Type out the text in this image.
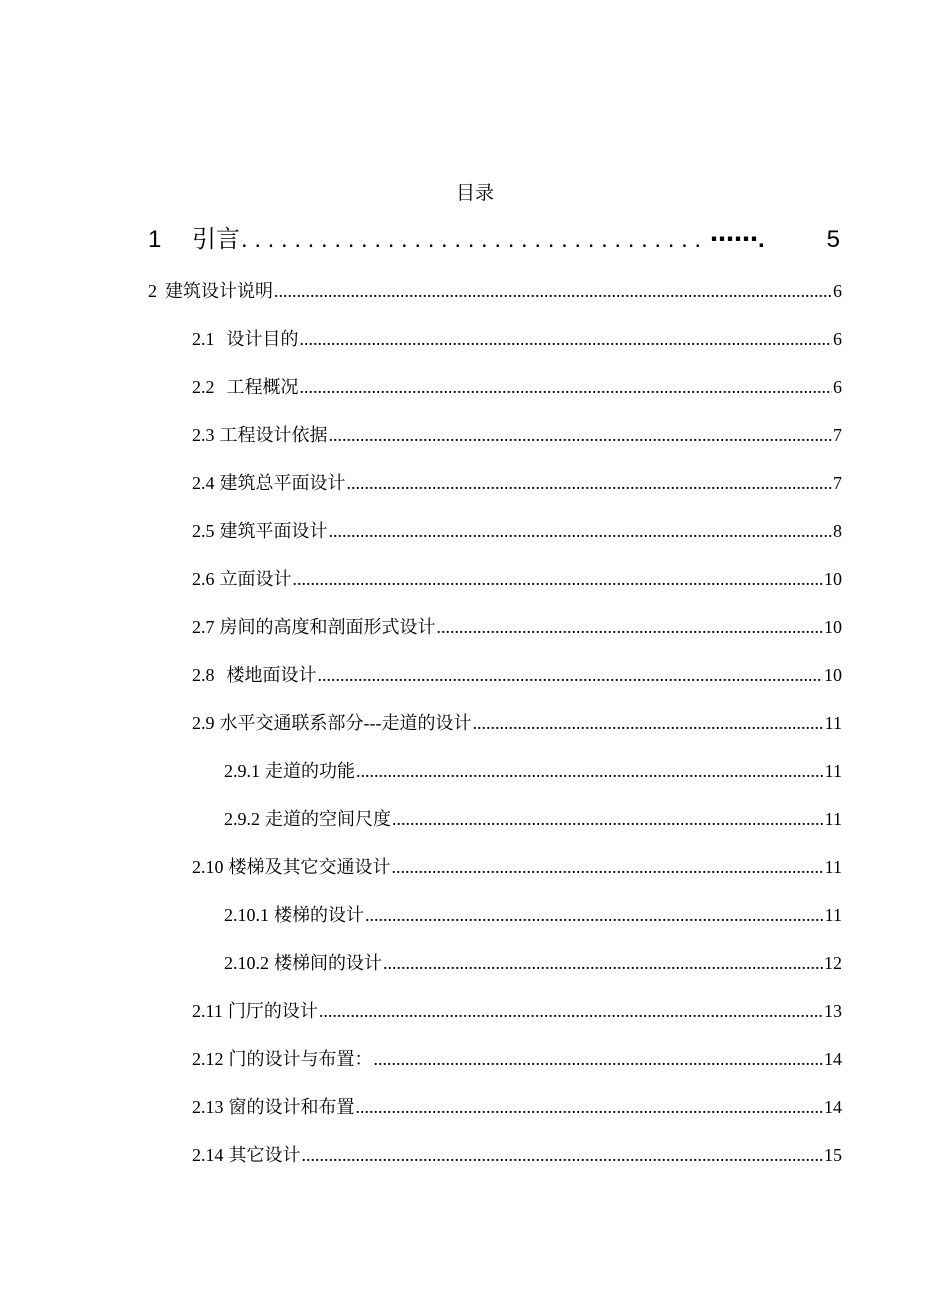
目录
1	引言 . . .	⋯⋯.	5
2 建筑设计说明 .....	6
2.1 设计目的 .....	6
2.2 工程概况 .....	6
2.3 工程设计依据 .....	7
2.4 建筑总平面设计 .....	7
2.5 建筑平面设计 .....	8
2.6 立面设计 .....	10
2.7 房间的高度和剖面形式设计 .....	10
2.8 楼地面设计 .....	10
2.9 水平交通联系部分---走道的设计 .....	11
2.9.1 走道的功能 .....	11
2.9.2 走道的空间尺度 .....	11
2.10 楼梯及其它交通设计 .....	11
2.10.1 楼梯的设计 .....	11
2.10.2 楼梯间的设计 .....	12
2.11 门厅的设计 .....	13
2.12 门的设计与布置： .....	14
2.13 窗的设计和布置 .....	14
2.14 其它设计 .....	15
